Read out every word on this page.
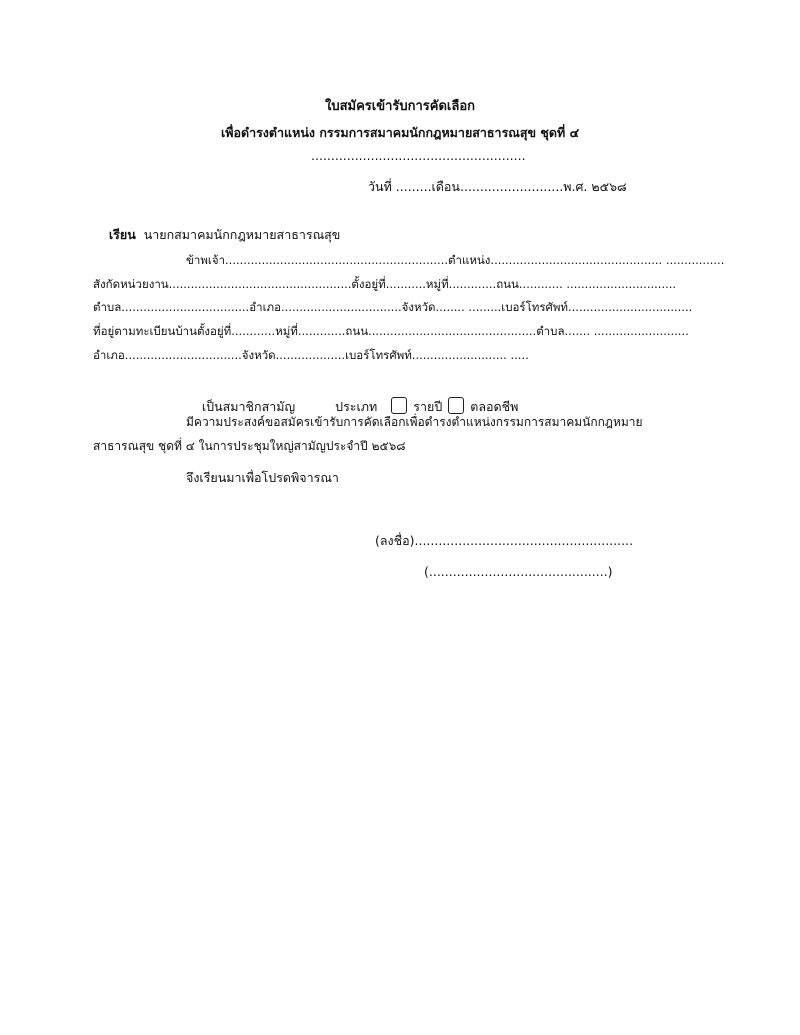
ใบสมัครเข้ารับการคัดเลือก
เพื่อดำรงตำแหน่ง กรรมการสมาคมนักกฎหมายสาธารณสุข ชุดที่ ๔
......................................................
วันที่ .........เดือน..........................พ.ศ. ๒๕๖๘

เรียน นายกสมาคมนักกฎหมายสาธารณสุข

ข้าพเจ้า.............................................................ตำแหน่ง............................................... ................
สังกัดหน่วยงาน..................................................ตั้งอยู่ที่...........หมู่ที่.............ถนน............ ..............................
ตำบล...................................อำเภอ.................................จังหวัด........ .........เบอร์โทรศัพท์..................................
ที่อยู่ตามทะเบียนบ้านตั้งอยู่ที่............หมู่ที่.............ถนน..............................................ตำบล....... ..........................
อำเภอ................................จังหวัด...................เบอร์โทรศัพท์.......................... .....

เป็นสมาชิกสามัญ	ประเภท	รายปี ตลอดชีพ

มีความประสงค์ขอสมัครเข้ารับการคัดเลือกเพื่อดำรงตำแหน่งกรรมการสมาคมนักกฎหมาย
สาธารณสุข ชุดที่ ๔ ในการประชุมใหญ่สามัญประจำปี ๒๕๖๘
จึงเรียนมาเพื่อโปรดพิจารณา
(ลงชื่อ).......................................................
(.............................................)
